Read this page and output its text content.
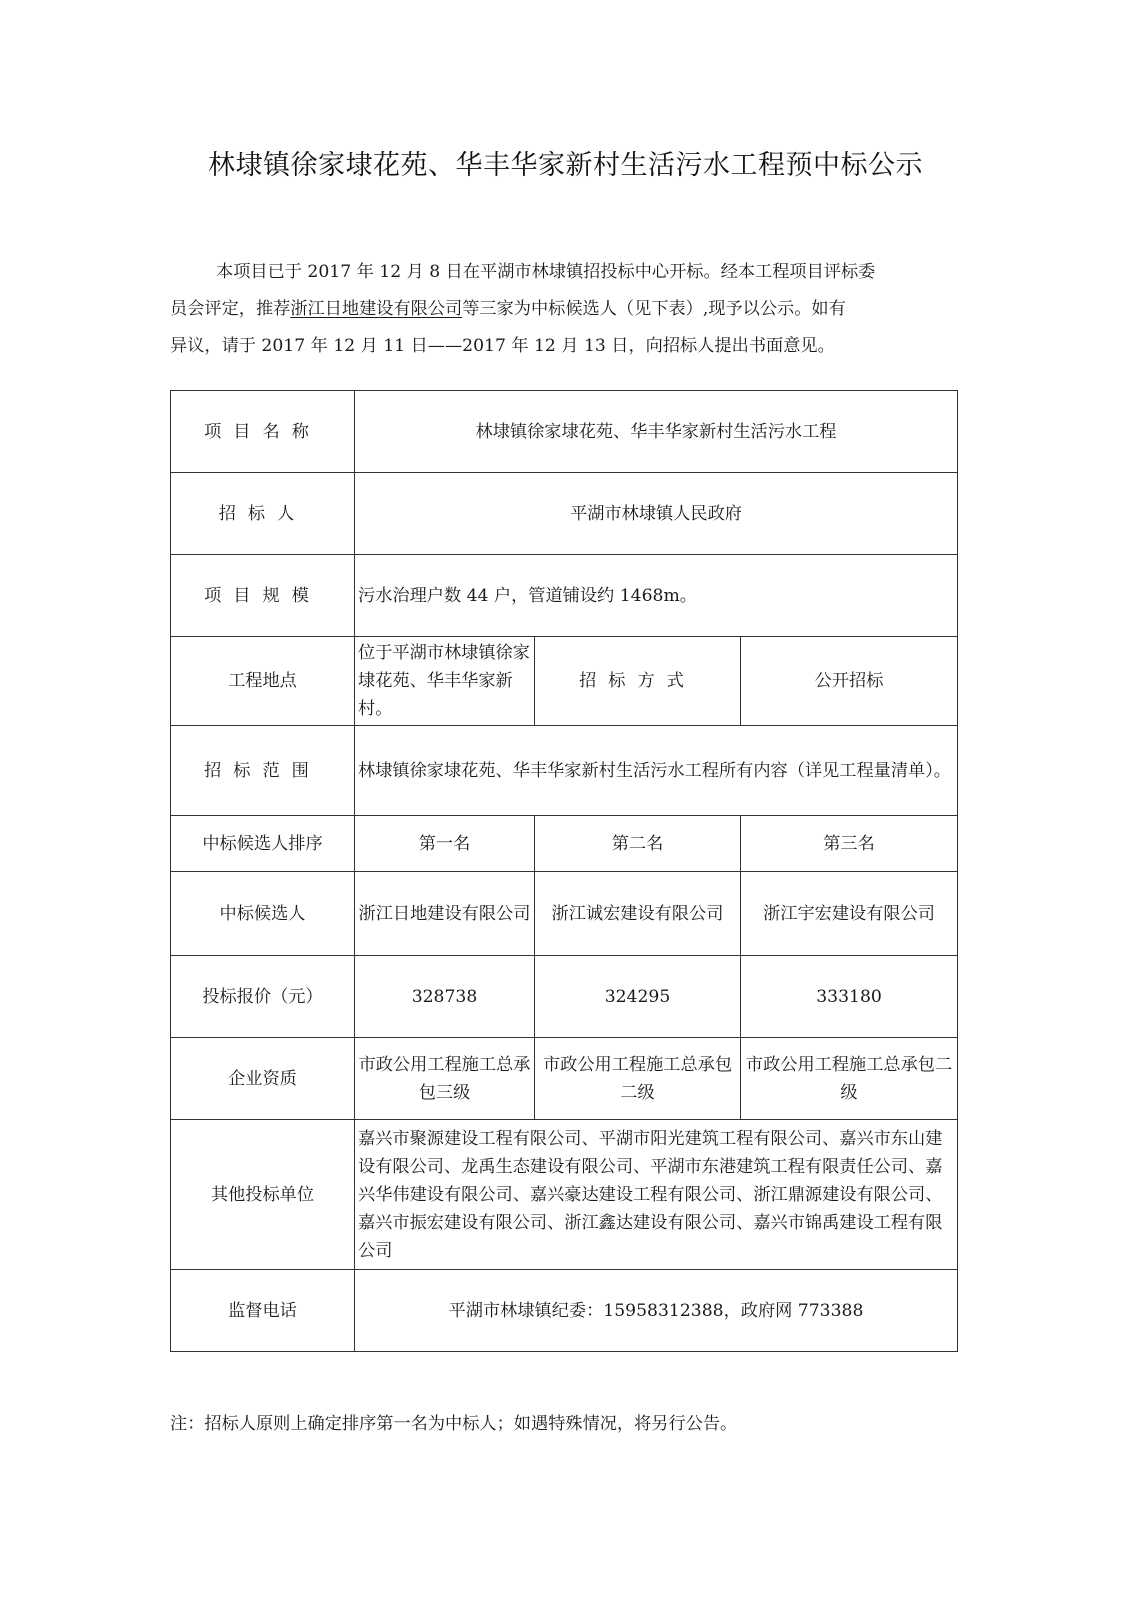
林埭镇徐家埭花苑、华丰华家新村生活污水工程预中标公示
本项目已于 2017 年 12 月 8 日在平湖市林埭镇招投标中心开标。经本工程项目评标委
员会评定，推荐浙江日地建设有限公司等三家为中标候选人（见下表）,现予以公示。如有
异议，请于 2017 年 12 月 11 日——2017 年 12 月 13 日，向招标人提出书面意见。
项目名称	林埭镇徐家埭花苑、华丰华家新村生活污水工程		
招标人	平湖市林埭镇人民政府		
项目规模	污水治理户数 44 户，管道铺设约 1468m。		
工程地点	位于平湖市林埭镇徐家埭花苑、华丰华家新村。	招标方式	公开招标
招标范围	林埭镇徐家埭花苑、华丰华家新村生活污水工程所有内容（详见工程量清单）。		
中标候选人排序	第一名	第二名	第三名
中标候选人	浙江日地建设有限公司	浙江诚宏建设有限公司	浙江宇宏建设有限公司
投标报价（元）	328738	324295	333180
企业资质	市政公用工程施工总承包三级	市政公用工程施工总承包二级	市政公用工程施工总承包二级
其他投标单位	嘉兴市聚源建设工程有限公司、平湖市阳光建筑工程有限公司、嘉兴市东山建设有限公司、龙禹生态建设有限公司、平湖市东港建筑工程有限责任公司、嘉兴华伟建设有限公司、嘉兴豪达建设工程有限公司、浙江鼎源建设有限公司、嘉兴市振宏建设有限公司、浙江鑫达建设有限公司、嘉兴市锦禹建设工程有限公司		
监督电话	平湖市林埭镇纪委：15958312388，政府网 773388		
注：招标人原则上确定排序第一名为中标人；如遇特殊情况，将另行公告。
